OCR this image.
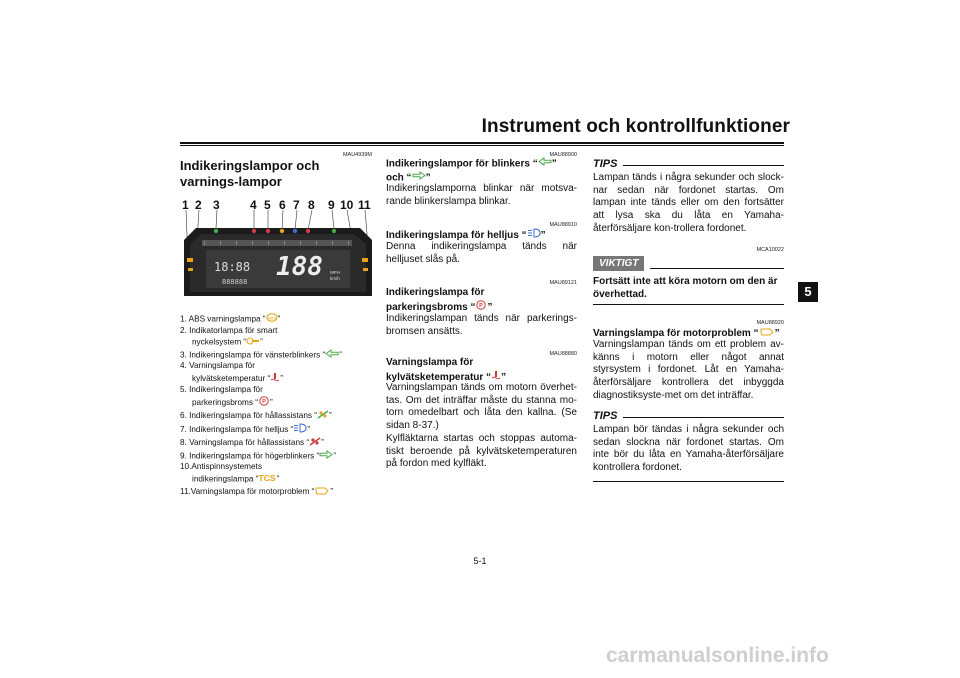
Instrument och kontrollfunktioner
5
MAU4939M
Indikeringslampor och varnings-lampor
1 2 3	4 5 6 7 8 9 10 11
18:88 188 MPH
km/h
888888
1. ABS varningslampa “ ABS ”
2. Indikatorlampa för smart
nyckelsystem “ ”
3. Indikeringslampa för vänsterblinkers “ ”
4. Varningslampa för
kylvätsketemperatur “ ”
5. Indikeringslampa för
parkeringsbroms “ P ”
6. Indikeringslampa för hållassistans “ ”
7. Indikeringslampa för helljus “ ”
8. Varningslampa för hållassistans “ ”
9. Indikeringslampa för högerblinkers “ ”
10.Antispinnsystemets
indikeringslampa “ TCS ”
11.Varningslampa för motorproblem “ ”
MAU88900
Indikeringslampor för blinkers “ ”
och “ ”
Indikeringslamporna blinkar när motsva-rande blinkerslampa blinkar.
MAU88910
Indikeringslampa för helljus “ ”
Denna indikeringslampa tänds när helljuset slås på.
MAU89121
Indikeringslampa för
parkeringsbroms “ P ”
Indikeringslampan tänds när parkerings-bromsen ansätts.
MAU88880
Varningslampa för
kylvätsketemperatur “ ”
Varningslampan tänds om motorn överhet-tas. Om det inträffar måste du stanna mo-torn omedelbart och låta den kallna. (Se sidan 8-37.)
Kylfläktarna startas och stoppas automa-tiskt beroende på kylvätsketemperaturen på fordon med kylfläkt.
TIPS
Lampan tänds i några sekunder och slock-nar sedan när fordonet startas. Om lampan inte tänds eller om den fortsätter att lysa ska du låta en Yamaha-återförsäljare kon-trollera fordonet.
MCA10022
VIKTIGT
Fortsätt inte att köra motorn om den är överhettad.
MAU88920
Varningslampa för motorproblem “ ”
Varningslampan tänds om ett problem av-känns i motorn eller något annat styrsystem i fordonet. Låt en Yamaha-återförsäljare kontrollera det inbyggda diagnostiksyste-met om det inträffar.
TIPS
Lampan bör tändas i några sekunder och sedan slockna när fordonet startas. Om inte bör du låta en Yamaha-återförsäljare kontrollera fordonet.
5-1
carmanualsonline.info
